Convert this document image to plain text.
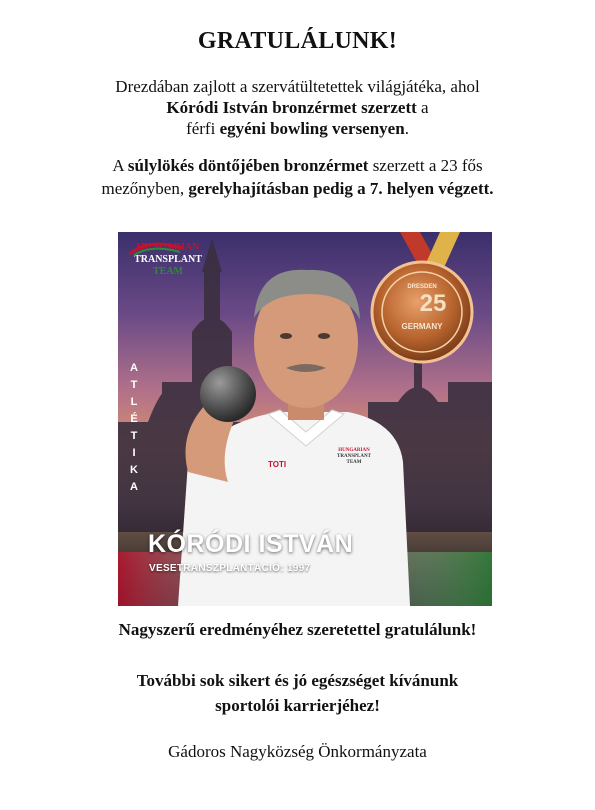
GRATULÁLUNK!
Drezdában zajlott a szervátültetettek világjátéka, ahol
Kóródi István bronzérmet szerzett a
férfi egyéni bowling versenyen.
A súlylökés döntőjében bronzérmet szerzett a 23 fős
mezőnyben, gerelyhajításban pedig a 7. helyen végzett.
HUNGARIAN
TRANSPLANT
TEAM
A
T
L
É
T
I
K
A
DRESDEN
25
GERMANY
TOTI
HUNGARIAN
TRANSPLANT TEAM
KÓRÓDI ISTVÁN
VESETRANSZPLANTÁCIÓ: 1997
Nagyszerű eredményéhez szeretettel gratulálunk!
További sok sikert és jó egészséget kívánunk
sportolói karrierjéhez!
Gádoros Nagyközség Önkormányzata
